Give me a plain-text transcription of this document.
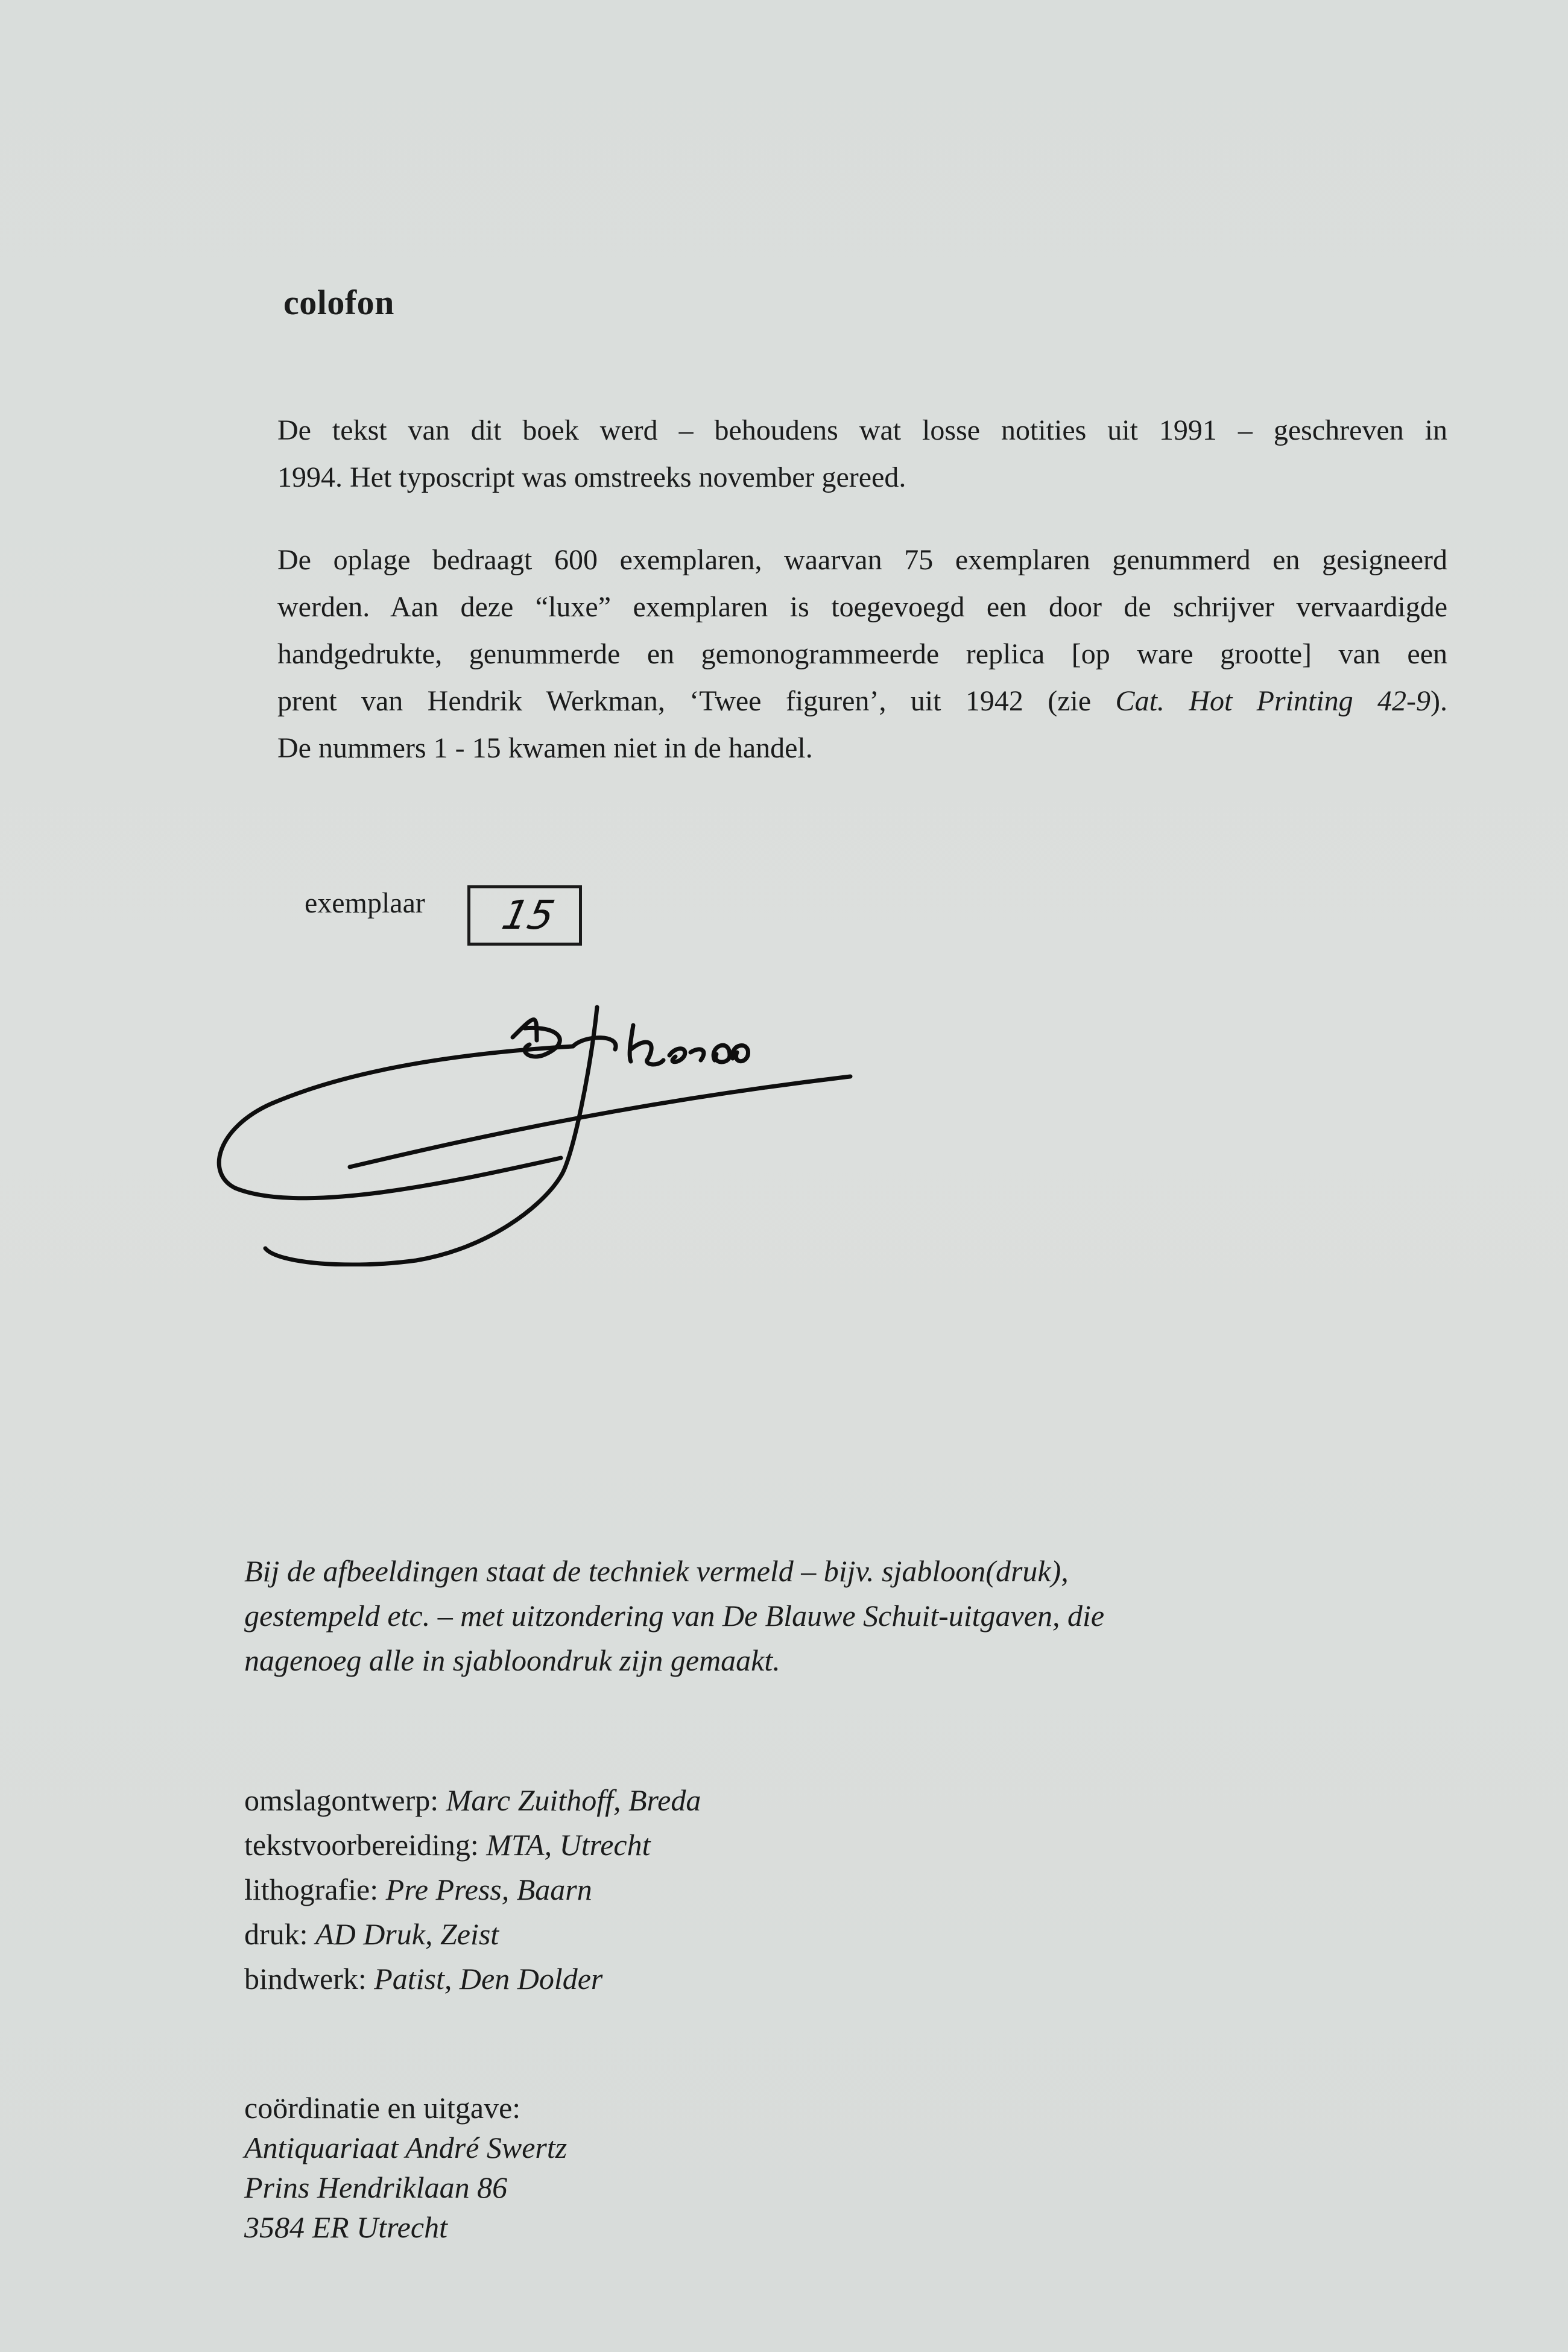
colofon
De tekst van dit boek werd – behoudens wat losse notities uit 1991 – geschreven in
1994. Het typoscript was omstreeks november gereed.
De oplage bedraagt 600 exemplaren, waarvan 75 exemplaren genummerd en gesigneerd
werden. Aan deze “luxe” exemplaren is toegevoegd een door de schrijver vervaardigde
handgedrukte, genummerde en gemonogrammeerde replica [op ware grootte] van een
prent van Hendrik Werkman, ‘Twee figuren’, uit 1942 (zie Cat. Hot Printing 42-9).
De nummers 1 - 15 kwamen niet in de handel.
exemplaar 15
Bij de afbeeldingen staat de techniek vermeld – bijv. sjabloon(druk),
gestempeld etc. – met uitzondering van De Blauwe Schuit-uitgaven, die
nagenoeg alle in sjabloondruk zijn gemaakt.
omslagontwerp: Marc Zuithoff, Breda
tekstvoorbereiding: MTA, Utrecht
lithografie: Pre Press, Baarn
druk: AD Druk, Zeist
bindwerk: Patist, Den Dolder
coördinatie en uitgave:
Antiquariaat André Swertz
Prins Hendriklaan 86
3584 ER Utrecht
